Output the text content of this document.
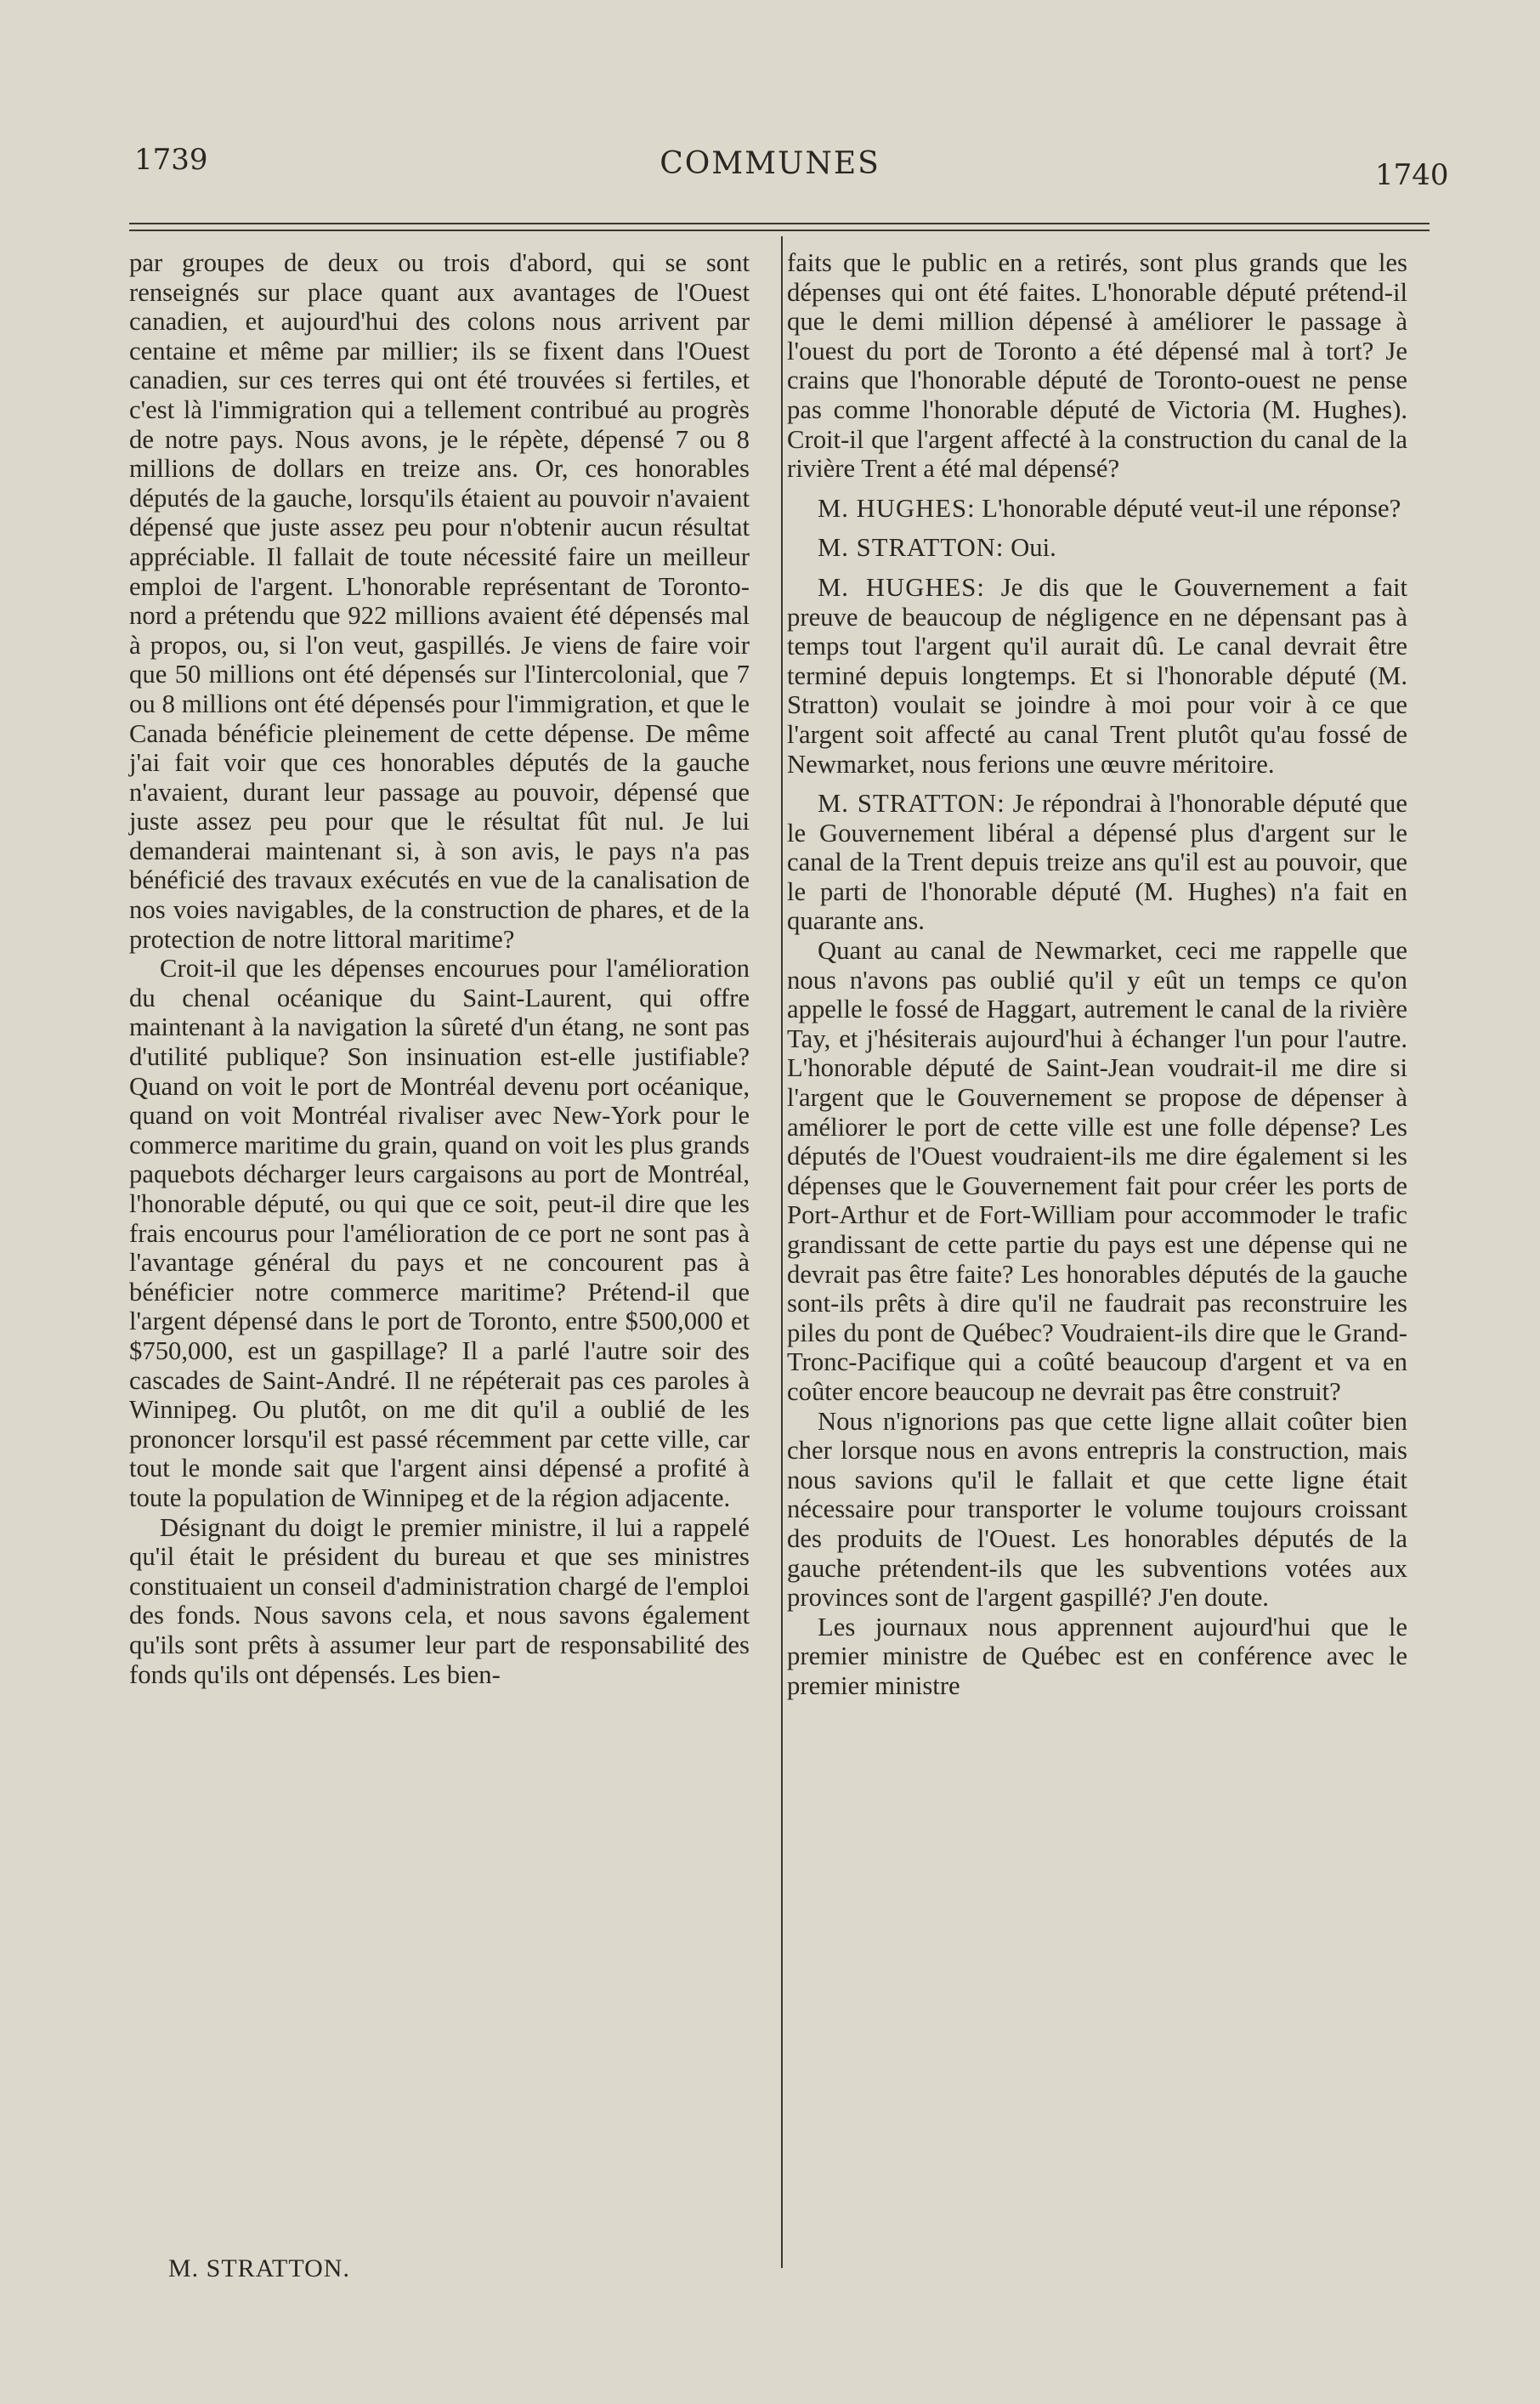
1739	COMMUNES	1740

par groupes de deux ou trois d'abord, qui se sont renseignés sur place quant aux avantages de l'Ouest canadien, et aujourd'hui des colons nous arrivent par centaine et même par millier; ils se fixent dans l'Ouest canadien, sur ces terres qui ont été trouvées si fertiles, et c'est là l'immigration qui a tellement contribué au progrès de notre pays. Nous avons, je le répète, dépensé 7 ou 8 millions de dollars en treize ans. Or, ces honorables députés de la gauche, lorsqu'ils étaient au pouvoir n'avaient dépensé que juste assez peu pour n'obtenir aucun résultat appréciable. Il fallait de toute nécessité faire un meilleur emploi de l'argent. L'honorable représentant de Toronto-nord a prétendu que 922 millions avaient été dépensés mal à propos, ou, si l'on veut, gaspillés. Je viens de faire voir que 50 millions ont été dépensés sur l'Iintercolonial, que 7 ou 8 millions ont été dépensés pour l'immigration, et que le Canada bénéficie pleinement de cette dépense. De même j'ai fait voir que ces honorables députés de la gauche n'avaient, durant leur passage au pouvoir, dépensé que juste assez peu pour que le résultat fût nul. Je lui demanderai maintenant si, à son avis, le pays n'a pas bénéficié des travaux exécutés en vue de la canalisation de nos voies navigables, de la construction de phares, et de la protection de notre littoral maritime?

Croit-il que les dépenses encourues pour l'amélioration du chenal océanique du Saint-Laurent, qui offre maintenant à la navigation la sûreté d'un étang, ne sont pas d'utilité publique? Son insinuation est-elle justifiable? Quand on voit le port de Montréal devenu port océanique, quand on voit Montréal rivaliser avec New-York pour le commerce maritime du grain, quand on voit les plus grands paquebots décharger leurs cargaisons au port de Montréal, l'honorable député, ou qui que ce soit, peut-il dire que les frais encourus pour l'amélioration de ce port ne sont pas à l'avantage général du pays et ne concourent pas à bénéficier notre commerce maritime? Prétend-il que l'argent dépensé dans le port de Toronto, entre $500,000 et $750,000, est un gaspillage? Il a parlé l'autre soir des cascades de Saint-André. Il ne répéterait pas ces paroles à Winnipeg. Ou plutôt, on me dit qu'il a oublié de les prononcer lorsqu'il est passé récemment par cette ville, car tout le monde sait que l'argent ainsi dépensé a profité à toute la population de Winnipeg et de la région adjacente.

Désignant du doigt le premier ministre, il lui a rappelé qu'il était le président du bureau et que ses ministres constituaient un conseil d'administration chargé de l'emploi des fonds. Nous savons cela, et nous savons également qu'ils sont prêts à assumer leur part de responsabilité des fonds qu'ils ont dépensés. Les bien-

faits que le public en a retirés, sont plus grands que les dépenses qui ont été faites. L'honorable député prétend-il que le demi million dépensé à améliorer le passage à l'ouest du port de Toronto a été dépensé mal à tort? Je crains que l'honorable député de Toronto-ouest ne pense pas comme l'honorable député de Victoria (M. Hughes). Croit-il que l'argent affecté à la construction du canal de la rivière Trent a été mal dépensé?

M. HUGHES: L'honorable député veut-il une réponse?

M. STRATTON: Oui.

M. HUGHES: Je dis que le Gouvernement a fait preuve de beaucoup de négligence en ne dépensant pas à temps tout l'argent qu'il aurait dû. Le canal devrait être terminé depuis longtemps. Et si l'honorable député (M. Stratton) voulait se joindre à moi pour voir à ce que l'argent soit affecté au canal Trent plutôt qu'au fossé de Newmarket, nous ferions une œuvre méritoire.

M. STRATTON: Je répondrai à l'honorable député que le Gouvernement libéral a dépensé plus d'argent sur le canal de la Trent depuis treize ans qu'il est au pouvoir, que le parti de l'honorable député (M. Hughes) n'a fait en quarante ans.

Quant au canal de Newmarket, ceci me rappelle que nous n'avons pas oublié qu'il y eût un temps ce qu'on appelle le fossé de Haggart, autrement le canal de la rivière Tay, et j'hésiterais aujourd'hui à échanger l'un pour l'autre. L'honorable député de Saint-Jean voudrait-il me dire si l'argent que le Gouvernement se propose de dépenser à améliorer le port de cette ville est une folle dépense? Les députés de l'Ouest voudraient-ils me dire également si les dépenses que le Gouvernement fait pour créer les ports de Port-Arthur et de Fort-William pour accommoder le trafic grandissant de cette partie du pays est une dépense qui ne devrait pas être faite? Les honorables députés de la gauche sont-ils prêts à dire qu'il ne faudrait pas reconstruire les piles du pont de Québec? Voudraient-ils dire que le Grand-Tronc-Pacifique qui a coûté beaucoup d'argent et va en coûter encore beaucoup ne devrait pas être construit?

Nous n'ignorions pas que cette ligne allait coûter bien cher lorsque nous en avons entrepris la construction, mais nous savions qu'il le fallait et que cette ligne était nécessaire pour transporter le volume toujours croissant des produits de l'Ouest. Les honorables députés de la gauche prétendent-ils que les subventions votées aux provinces sont de l'argent gaspillé? J'en doute.

Les journaux nous apprennent aujourd'hui que le premier ministre de Québec est en conférence avec le premier ministre

M. STRATTON.
